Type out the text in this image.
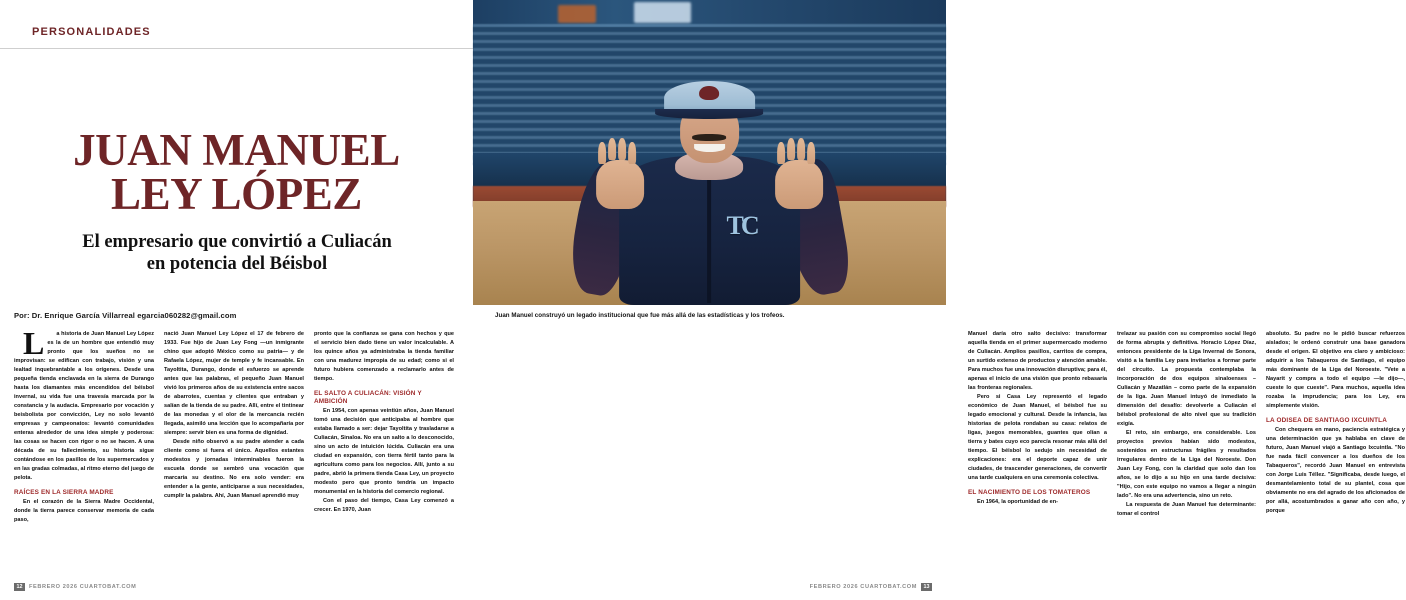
PERSONALIDADES
JUAN MANUEL
LEY LÓPEZ
El empresario que convirtió a Culiacán
en potencia del Béisbol
Por: Dr. Enrique García Villarreal egarcia060282@gmail.com

L	a historia de Juan Manuel Ley López es la de un hombre que entendió muy pronto que los sueños no se improvisan: se edifican con trabajo, visión y una lealtad inquebrantable a los orígenes. Desde una pequeña tienda enclavada en la sierra de Durango hasta los diamantes más encendidos del béisbol invernal, su vida fue una travesía marcada por la constancia y la audacia. Empresario por vocación y beisbolista por convicción, Ley no solo levantó empresas y campeonatos: levantó comunidades enteras alrededor de una idea simple y poderosa: las cosas se hacen con rigor o no se hacen. A una década de su fallecimiento, su historia sigue contándose en los pasillos de los supermercados y en las gradas colmadas, al ritmo eterno del juego de pelota.

RAÍCES EN LA SIERRA MADRE

En el corazón de la Sierra Madre Occidental, donde la tierra parece conservar memoria de cada paso,

nació Juan Manuel Ley López el 17 de febrero de 1933. Fue hijo de Juan Ley Fong —un inmigrante chino que adoptó México como su patria— y de Rafaela López, mujer de temple y fe incansable. En Tayoltita, Durango, donde el esfuerzo se aprende antes que las palabras, el pequeño Juan Manuel vivió los primeros años de su existencia entre sacos de abarrotes, cuentas y clientes que entraban y salían de la tienda de su padre. Allí, entre el tintinear de las monedas y el olor de la mercancía recién llegada, asimiló una lección que lo acompañaría por siempre: servir bien es una forma de dignidad.

Desde niño observó a su padre atender a cada cliente como si fuera el único. Aquellos estantes modestos y jornadas interminables fueron la escuela donde se sembró una vocación que marcaría su destino. No era solo vender: era entender a la gente, anticiparse a sus necesidades, cumplir la palabra. Ahí, Juan Manuel aprendió muy

pronto que la confianza se gana con hechos y que el servicio bien dado tiene un valor incalculable. A los quince años ya administraba la tienda familiar con una madurez impropia de su edad; como si el futuro hubiera comenzado a reclamarlo antes de tiempo.

EL SALTO A CULIACÁN: VISIÓN Y AMBICIÓN

En 1954, con apenas veintiún años, Juan Manuel tomó una decisión que anticipaba al hombre que estaba llamado a ser: dejar Tayoltita y trasladarse a Culiacán, Sinaloa. No era un salto a lo desconocido, sino un acto de intuición lúcida. Culiacán era una ciudad en expansión, con tierra fértil tanto para la agricultura como para los negocios. Allí, junto a su padre, abrió la primera tienda Casa Ley, un proyecto modesto pero que pronto tendría un impacto monumental en la historia del comercio regional.

Con el paso del tiempo, Casa Ley comenzó a crecer. En 1970, Juan

12	FEBRERO 2026 CUARTOBAT.COM
TC
Juan Manuel construyó un legado institucional que fue más allá de las estadísticas y los trofeos.

Manuel daría otro salto decisivo: transformar aquella tienda en el primer supermercado moderno de Culiacán. Amplios pasillos, carritos de compra, un surtido extenso de productos y atención amable. Para muchos fue una innovación disruptiva; para él, apenas el inicio de una visión que pronto rebasaría las fronteras regionales.

Pero si Casa Ley representó el legado económico de Juan Manuel, el béisbol fue su legado emocional y cultural. Desde la infancia, las historias de pelota rondaban su casa: relatos de ligas, juegos memorables, guantes que olían a tierra y bates cuyo eco parecía resonar más allá del tiempo. El béisbol lo sedujo sin necesidad de explicaciones: era el deporte capaz de unir ciudades, de trascender generaciones, de convertir una tarde cualquiera en una ceremonia colectiva.

EL NACIMIENTO DE LOS TOMATEROS

En 1964, la oportunidad de en-

trelazar su pasión con su compromiso social llegó de forma abrupta y definitiva. Horacio López Díaz, entonces presidente de la Liga Invernal de Sonora, visitó a la familia Ley para invitarlos a formar parte del circuito. La propuesta contemplaba la incorporación de dos equipos sinaloenses – Culiacán y Mazatlán – como parte de la expansión de la liga. Juan Manuel intuyó de inmediato la dimensión del desafío: devolverle a Culiacán el béisbol profesional de alto nivel que su tradición exigía.

El reto, sin embargo, era considerable. Los proyectos previos habían sido modestos, sostenidos en estructuras frágiles y resultados irregulares dentro de la Liga del Noroeste. Don Juan Ley Fong, con la claridad que solo dan los años, se lo dijo a su hijo en una tarde decisiva: "Hijo, con este equipo no vamos a llegar a ningún lado". No era una advertencia, sino un reto.

La respuesta de Juan Manuel fue determinante: tomar el control

absoluto. Su padre no le pidió buscar refuerzos aislados; le ordenó construir una base ganadora desde el origen. El objetivo era claro y ambicioso: adquirir a los Tabaqueros de Santiago, el equipo más dominante de la Liga del Noroeste. "Vete a Nayarit y compra a todo el equipo —le dijo—, cueste lo que cueste". Para muchos, aquella idea rozaba la imprudencia; para los Ley, era simplemente visión.

LA ODISEA DE SANTIAGO IXCUINTLA

Con chequera en mano, paciencia estratégica y una determinación que ya hablaba en clave de futuro, Juan Manuel viajó a Santiago Ixcuintla. "No fue nada fácil convencer a los dueños de los Tabaqueros", recordó Juan Manuel en entrevista con Jorge Luis Téllez. "Significaba, desde luego, el desmantelamiento total de su plantel, cosa que obviamente no era del agrado de los aficionados de por allá, acostumbrados a ganar año con año, y porque

FEBRERO 2026 CUARTOBAT.COM	13
